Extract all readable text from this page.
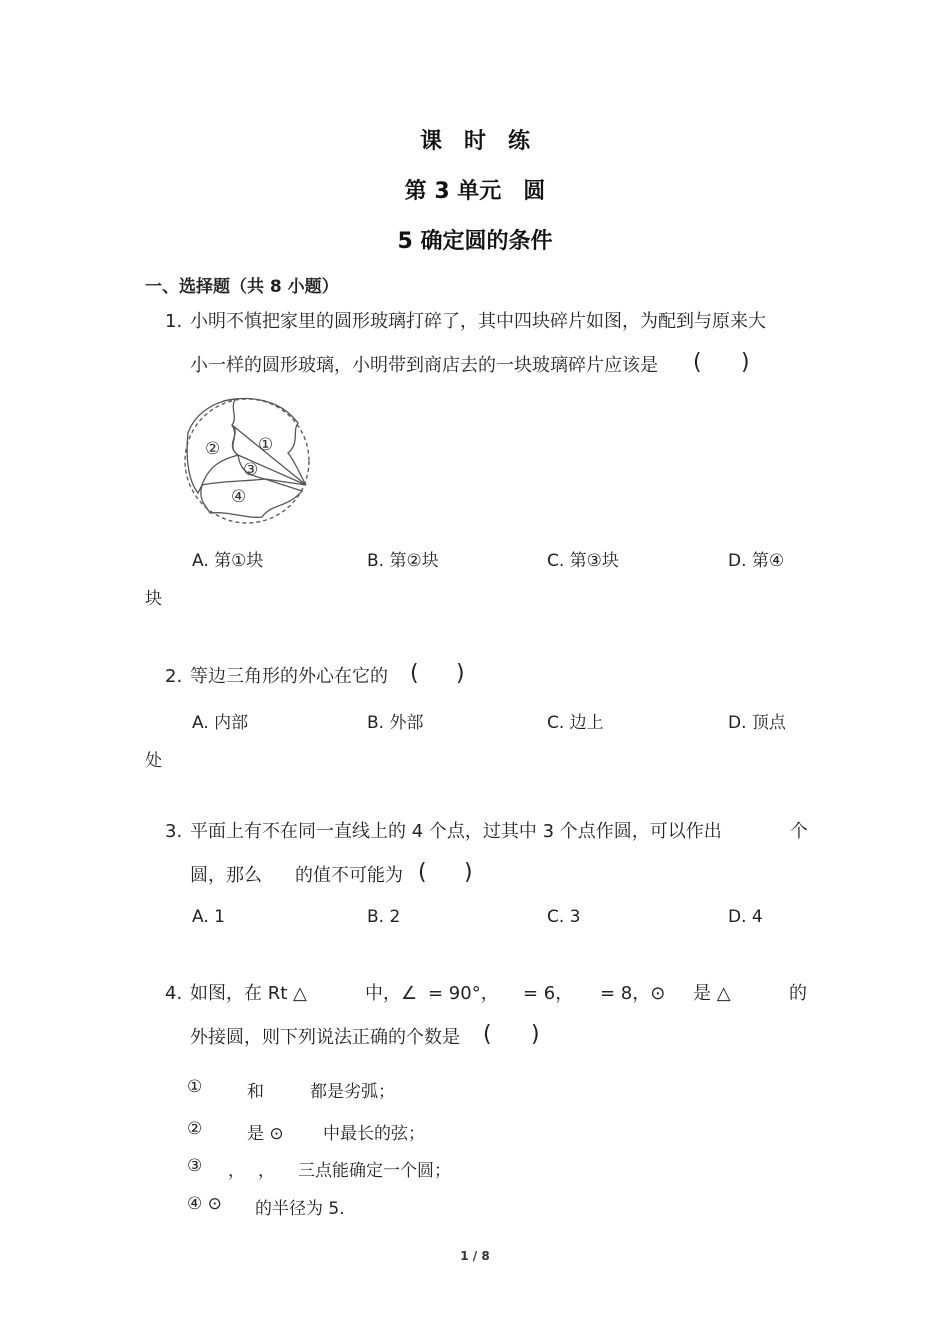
课　时　练
第 3 单元　圆
5 确定圆的条件
一、选择题（共 8 小题）
1. 小明不慎把家里的圆形玻璃打碎了，其中四块碎片如图，为配到与原来大
小一样的圆形玻璃，小明带到商店去的一块玻璃碎片应该是 ( )
①
②
③
④
A. 第①块	B. 第②块	C. 第③块	D. 第④
块
2. 等边三角形的外心在它的 ( )
A. 内部	B. 外部	C. 边上	D. 顶点
处
3. 平面上有不在同一直线上的 4 个点，过其中 3 个点作圆，可以作出	个
圆，那么 的值不可能为 ( )
A. 1	B. 2	C. 3	D. 4
4. 如图，在 Rt △	中，∠ = 90°， = 6， = 8，⊙ 是 △	的
外接圆，则下列说法正确的个数是 ( )
①	和	都是劣弧；
②	是 ⊙ 中最长的弦；
③ ， ， 三点能确定一个圆；
④ ⊙ 的半径为 5.
1 / 8
